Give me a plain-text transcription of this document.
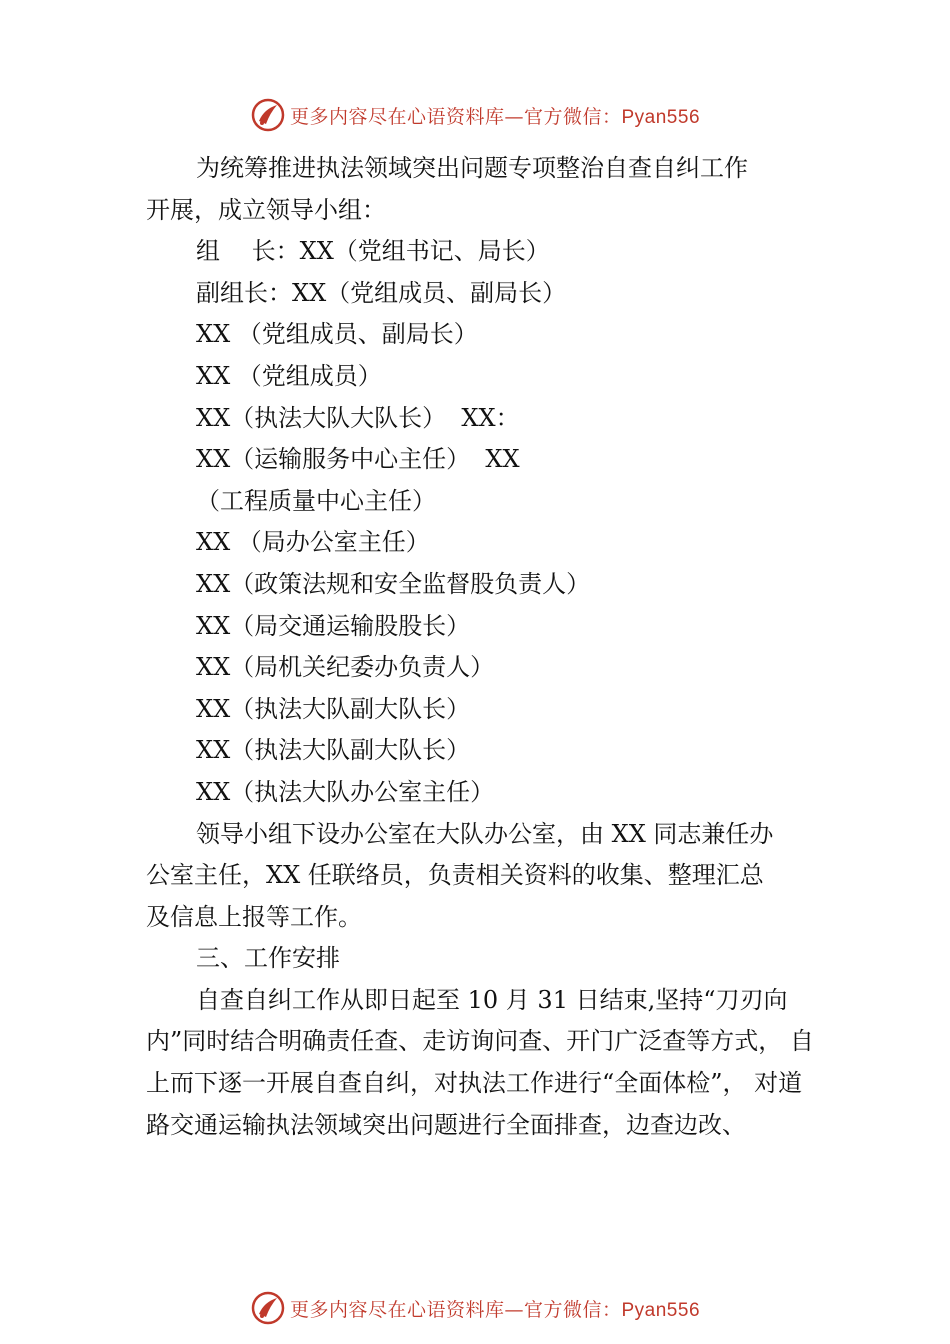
更多内容尽在心语资料库—官方微信：Pyan556
为统筹推进执法领域突出问题专项整治自查自纠工作
开展，成立领导小组：
组　 长：XX（党组书记、局长）
副组长：XX（党组成员、副局长）
XX （党组成员、副局长）
XX （党组成员）
XX（执法大队大队长）  XX：
XX（运输服务中心主任）  XX
（工程质量中心主任）
XX （局办公室主任）
XX（政策法规和安全监督股负责人）
XX（局交通运输股股长）
XX（局机关纪委办负责人）
XX（执法大队副大队长）
XX（执法大队副大队长）
XX（执法大队办公室主任）
领导小组下设办公室在大队办公室，由 XX 同志兼任办
公室主任，XX 任联络员，负责相关资料的收集、整理汇总
及信息上报等工作。
三、工作安排
自查自纠工作从即日起至 10 月 31 日结束,坚持“刀刃向
内”同时结合明确责任查、走访询问查、开门广泛查等方式， 自
上而下逐一开展自查自纠，对执法工作进行“全面体检”， 对道
路交通运输执法领域突出问题进行全面排查，边查边改、
更多内容尽在心语资料库—官方微信：Pyan556
